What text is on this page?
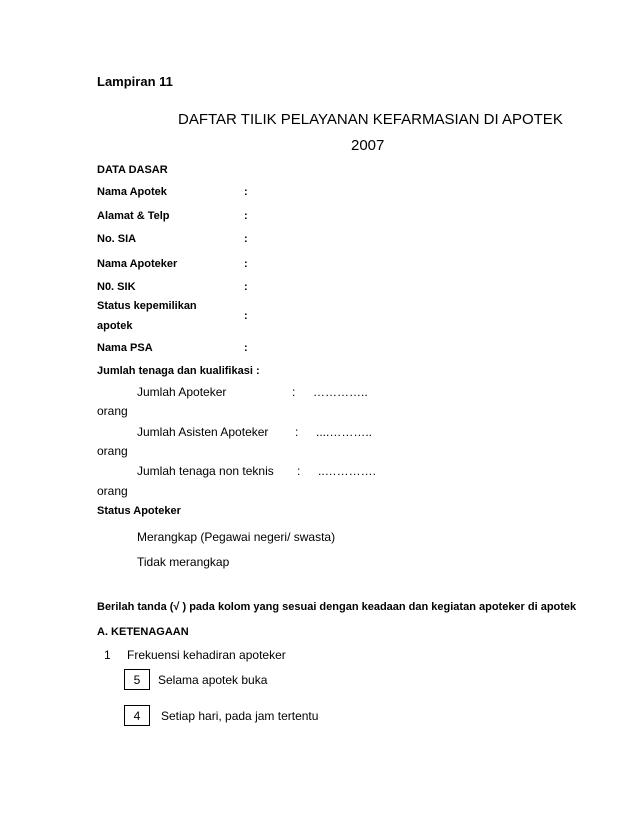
Lampiran 11
DAFTAR TILIK PELAYANAN KEFARMASIAN DI APOTEK
2007
DATA DASAR
Nama Apotek	:
Alamat & Telp	:
No. SIA	:
Nama Apoteker	:
N0. SIK	:
Status kepemilikan
apotek
:
Nama PSA	:
Jumlah tenaga dan kualifikasi :
Jumlah Apoteker	: …………..
orang
Jumlah Asisten Apoteker : ....………..
orang
Jumlah tenaga non teknis : ..………….
orang
Status Apoteker
Merangkap (Pegawai negeri/ swasta)
Tidak merangkap
Berilah tanda (√ ) pada kolom yang sesuai dengan keadaan dan kegiatan apoteker di apotek
A. KETENAGAAN
1 Frekuensi kehadiran apoteker
5	Selama apotek buka
4	Setiap hari, pada jam tertentu
